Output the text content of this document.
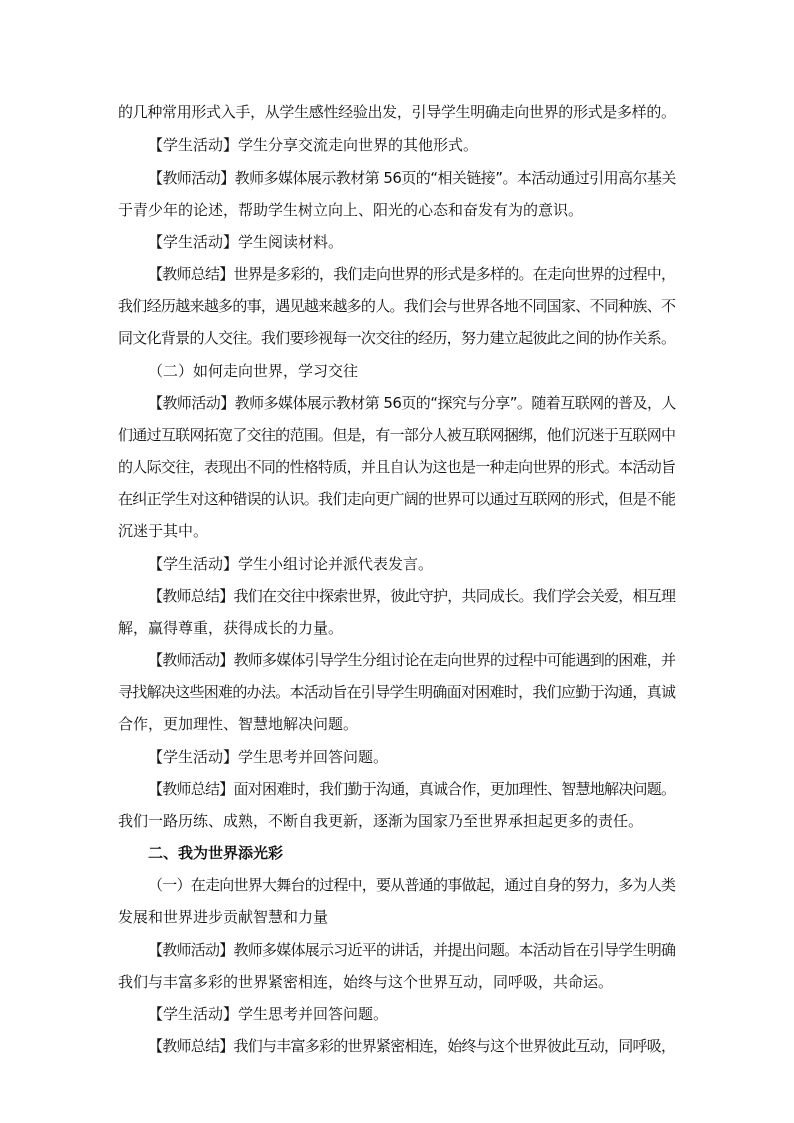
的几种常用形式入手，从学生感性经验出发，引导学生明确走向世界的形式是多样的。
【学生活动】学生分享交流走向世界的其他形式。
【教师活动】教师多媒体展示教材第 56页的“相关链接”。本活动通过引用高尔基关
于青少年的论述，帮助学生树立向上、阳光的心态和奋发有为的意识。
【学生活动】学生阅读材料。
【教师总结】世界是多彩的，我们走向世界的形式是多样的。在走向世界的过程中，
我们经历越来越多的事，遇见越来越多的人。我们会与世界各地不同国家、不同种族、不
同文化背景的人交往。我们要珍视每一次交往的经历，努力建立起彼此之间的协作关系。
（二）如何走向世界，学习交往
【教师活动】教师多媒体展示教材第 56页的“探究与分享”。随着互联网的普及，人
们通过互联网拓宽了交往的范围。但是，有一部分人被互联网捆绑，他们沉迷于互联网中
的人际交往，表现出不同的性格特质，并且自认为这也是一种走向世界的形式。本活动旨
在纠正学生对这种错误的认识。我们走向更广阔的世界可以通过互联网的形式，但是不能
沉迷于其中。
【学生活动】学生小组讨论并派代表发言。
【教师总结】我们在交往中探索世界，彼此守护，共同成长。我们学会关爱，相互理
解，赢得尊重，获得成长的力量。
【教师活动】教师多媒体引导学生分组讨论在走向世界的过程中可能遇到的困难，并
寻找解决这些困难的办法。本活动旨在引导学生明确面对困难时，我们应勤于沟通，真诚
合作，更加理性、智慧地解决问题。
【学生活动】学生思考并回答问题。
【教师总结】面对困难时，我们勤于沟通，真诚合作，更加理性、智慧地解决问题。
我们一路历练、成熟，不断自我更新，逐渐为国家乃至世界承担起更多的责任。
二、我为世界添光彩
（一）在走向世界大舞台的过程中，要从普通的事做起，通过自身的努力，多为人类
发展和世界进步贡献智慧和力量
【教师活动】教师多媒体展示习近平的讲话，并提出问题。本活动旨在引导学生明确
我们与丰富多彩的世界紧密相连，始终与这个世界互动，同呼吸，共命运。
【学生活动】学生思考并回答问题。
【教师总结】我们与丰富多彩的世界紧密相连，始终与这个世界彼此互动，同呼吸，
